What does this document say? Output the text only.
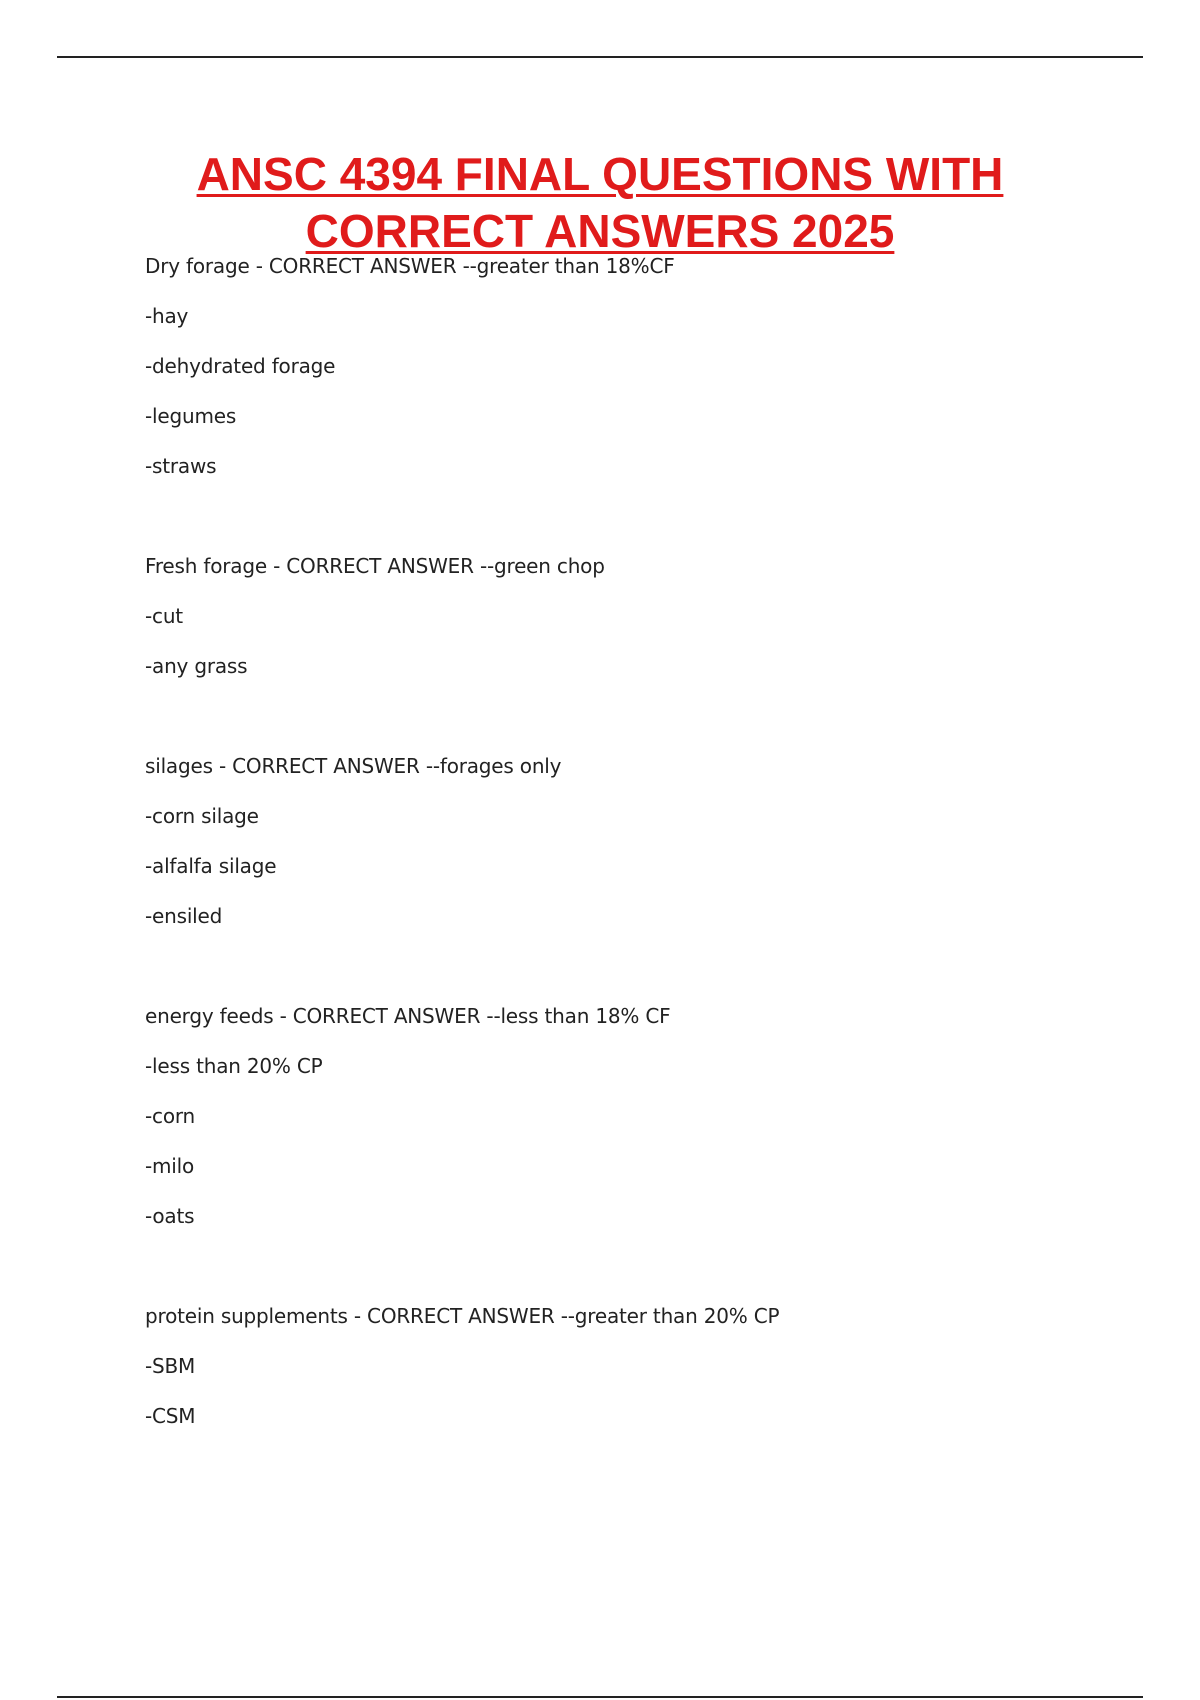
ANSC 4394 FINAL QUESTIONS WITH
CORRECT ANSWERS 2025
Dry forage - CORRECT ANSWER --greater than 18%CF
-hay
-dehydrated forage
-legumes
-straws
Fresh forage - CORRECT ANSWER --green chop
-cut
-any grass
silages - CORRECT ANSWER --forages only
-corn silage
-alfalfa silage
-ensiled
energy feeds - CORRECT ANSWER --less than 18% CF
-less than 20% CP
-corn
-milo
-oats
protein supplements - CORRECT ANSWER --greater than 20% CP
-SBM
-CSM
